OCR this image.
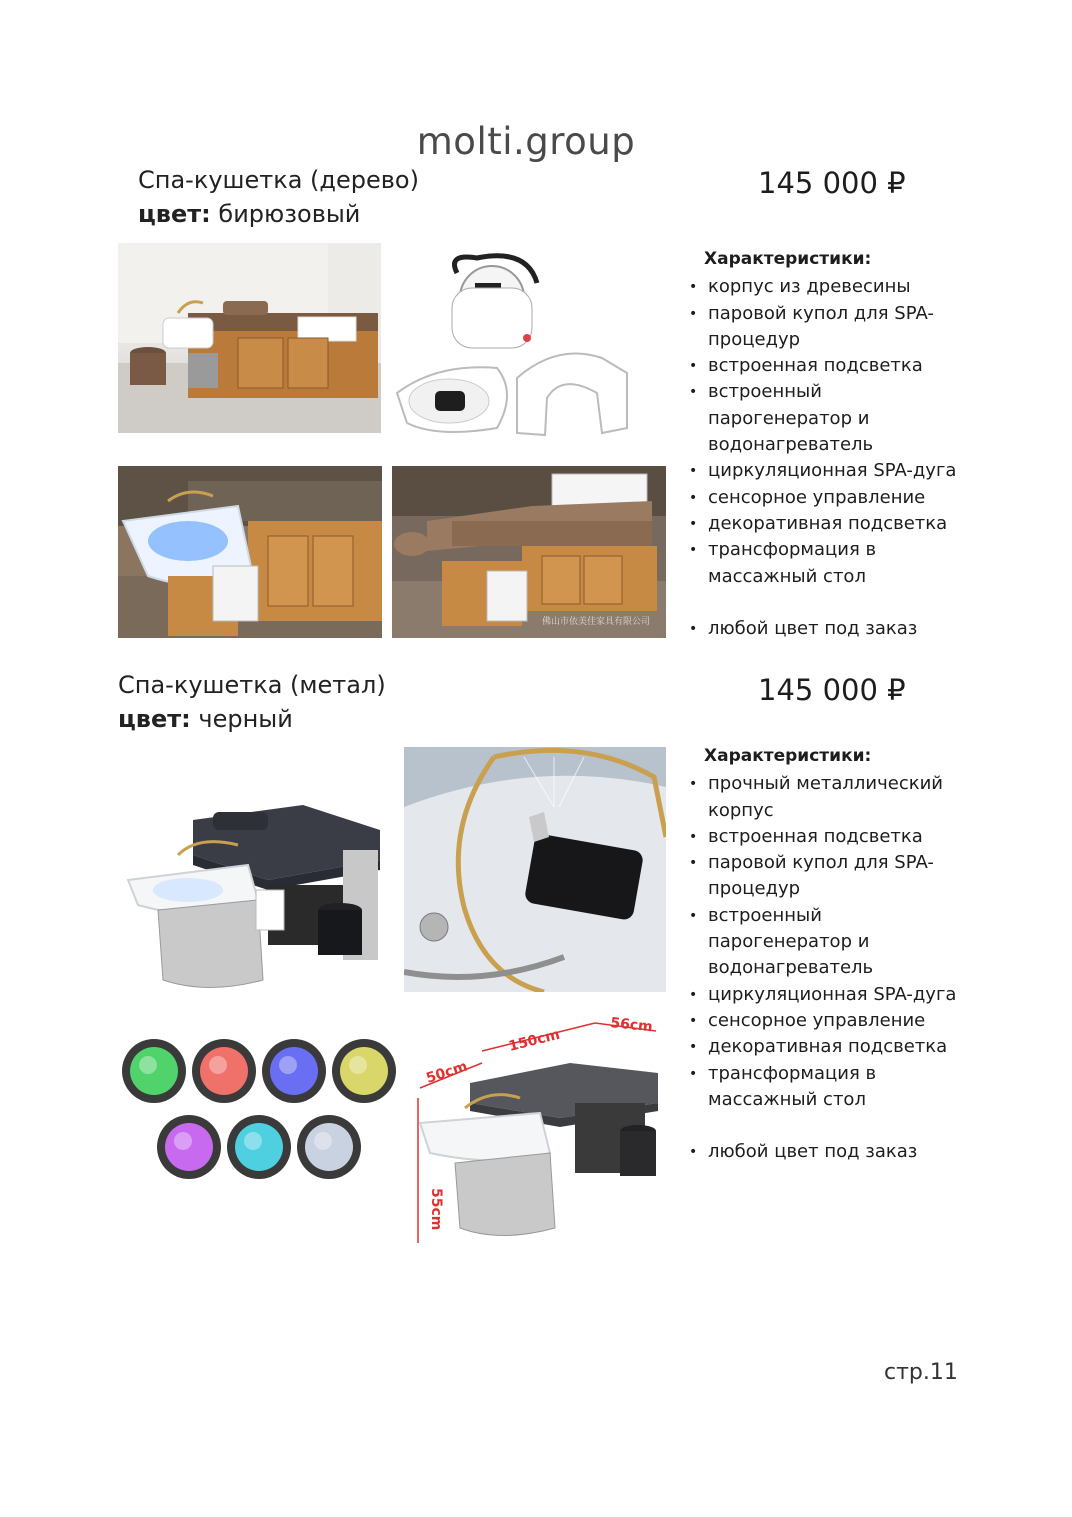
molti.group
Спа-кушетка (дерево)
цвет: бирюзовый
145 000 ₽
佛山市依美佳家具有限公司
Характеристики:
• корпус из древесины
• паровой купол для SPA-процедур
• встроенная подсветка
• встроенный парогенератор и водонагреватель
• циркуляционная SPA-дуга
• сенсорное управление
• декоративная подсветка
• трансформация в массажный стол
• любой цвет под заказ
Спа-кушетка (метал)
цвет: черный
145 000 ₽
50cm
150cm
56cm
55cm
Характеристики:
• прочный металлический корпус
• встроенная подсветка
• паровой купол для SPA-процедур
• встроенный парогенератор и водонагреватель
• циркуляционная SPA-дуга
• сенсорное управление
• декоративная подсветка
• трансформация в массажный стол
• любой цвет под заказ
стр.11
